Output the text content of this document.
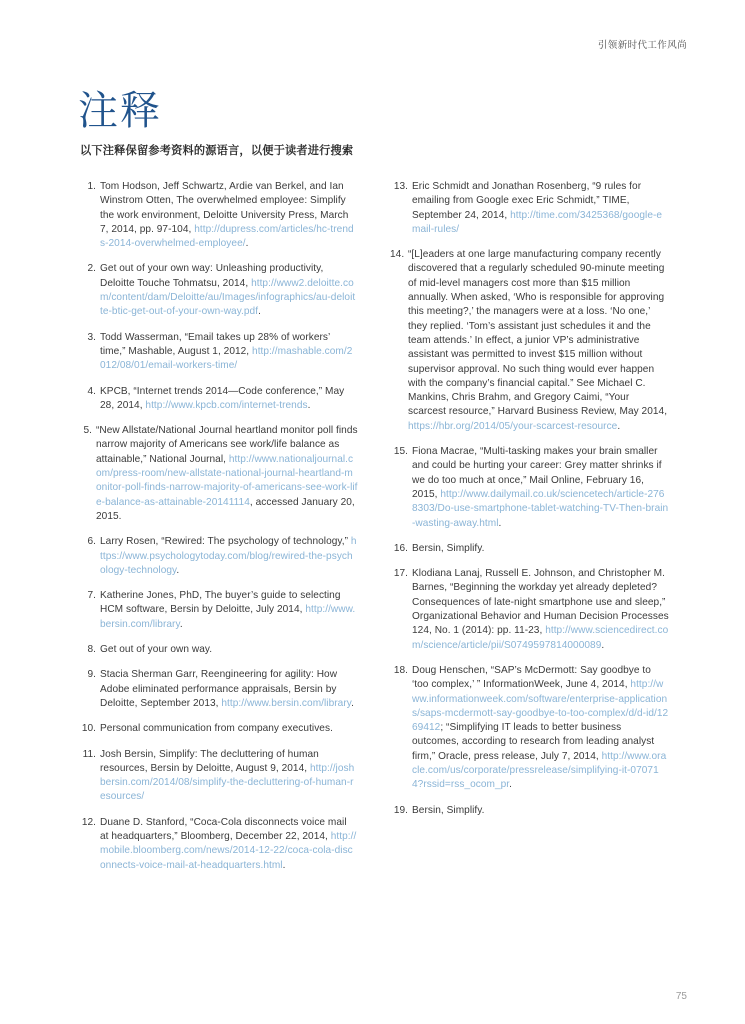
引领新时代工作风尚
注释
以下注释保留参考资料的源语言，以便于读者进行搜索
1. Tom Hodson, Jeff Schwartz, Ardie van Berkel, and Ian Winstrom Otten, The overwhelmed employee: Simplify the work environment, Deloitte University Press, March 7, 2014, pp. 97-104, http://dupress.com/articles/hc-trends-2014-overwhelmed-employee/.
2. Get out of your own way: Unleashing productivity, Deloitte Touche Tohmatsu, 2014, http://www2.deloitte.com/content/dam/Deloitte/au/Images/infographics/au-deloitte-btic-get-out-of-your-own-way.pdf.
3. Todd Wasserman, “Email takes up 28% of workers’ time,” Mashable, August 1, 2012, http://mashable.com/2012/08/01/email-workers-time/
4. KPCB, “Internet trends 2014—Code conference,” May 28, 2014, http://www.kpcb.com/internet-trends.
5. “New Allstate/National Journal heartland monitor poll finds narrow majority of Americans see work/life balance as attainable,” National Journal, http://www.nationaljournal.com/press-room/new-allstate-national-journal-heartland-monitor-poll-finds-narrow-majority-of-americans-see-work-life-balance-as-attainable-20141114, accessed January 20, 2015.
6. Larry Rosen, “Rewired: The psychology of technology,” https://www.psychologytoday.com/blog/rewired-the-psychology-technology.
7. Katherine Jones, PhD, The buyer’s guide to selecting HCM software, Bersin by Deloitte, July 2014, http://www.bersin.com/library.
8. Get out of your own way.
9. Stacia Sherman Garr, Reengineering for agility: How Adobe eliminated performance appraisals, Bersin by Deloitte, September 2013, http://www.bersin.com/library.
10. Personal communication from company executives.
11. Josh Bersin, Simplify: The decluttering of human resources, Bersin by Deloitte, August 9, 2014, http://joshbersin.com/2014/08/simplify-the-decluttering-of-human-resources/
12. Duane D. Stanford, “Coca-Cola disconnects voice mail at headquarters,” Bloomberg, December 22, 2014, http://mobile.bloomberg.com/news/2014-12-22/coca-cola-disconnects-voice-mail-at-headquarters.html.
13. Eric Schmidt and Jonathan Rosenberg, “9 rules for emailing from Google exec Eric Schmidt,” TIME, September 24, 2014, http://time.com/3425368/google-email-rules/
14. “[L]eaders at one large manufacturing company recently discovered that a regularly scheduled 90-minute meeting of mid-level managers cost more than $15 million annually. When asked, ‘Who is responsible for approving this meeting?,’ the managers were at a loss. ‘No one,’ they replied. ‘Tom’s assistant just schedules it and the team attends.’ In effect, a junior VP’s administrative assistant was permitted to invest $15 million without supervisor approval. No such thing would ever happen with the company’s financial capital.” See Michael C. Mankins, Chris Brahm, and Gregory Caimi, “Your scarcest resource,” Harvard Business Review, May 2014, https://hbr.org/2014/05/your-scarcest-resource.
15. Fiona Macrae, “Multi-tasking makes your brain smaller and could be hurting your career: Grey matter shrinks if we do too much at once,” Mail Online, February 16, 2015, http://www.dailymail.co.uk/sciencetech/article-2768303/Do-use-smartphone-tablet-watching-TV-Then-brain-wasting-away.html.
16. Bersin, Simplify.
17. Klodiana Lanaj, Russell E. Johnson, and Christopher M. Barnes, “Beginning the workday yet already depleted? Consequences of late-night smartphone use and sleep,” Organizational Behavior and Human Decision Processes 124, No. 1 (2014): pp. 11-23, http://www.sciencedirect.com/science/article/pii/S0749597814000089.
18. Doug Henschen, “SAP’s McDermott: Say goodbye to ‘too complex,’ ” InformationWeek, June 4, 2014, http://www.informationweek.com/software/enterprise-applications/saps-mcdermott-say-goodbye-to-too-complex/d/d-id/1269412; “Simplifying IT leads to better business outcomes, according to research from leading analyst firm,” Oracle, press release, July 7, 2014, http://www.oracle.com/us/corporate/pressrelease/simplifying-it-070714?rssid=rss_ocom_pr.
19. Bersin, Simplify.
75
